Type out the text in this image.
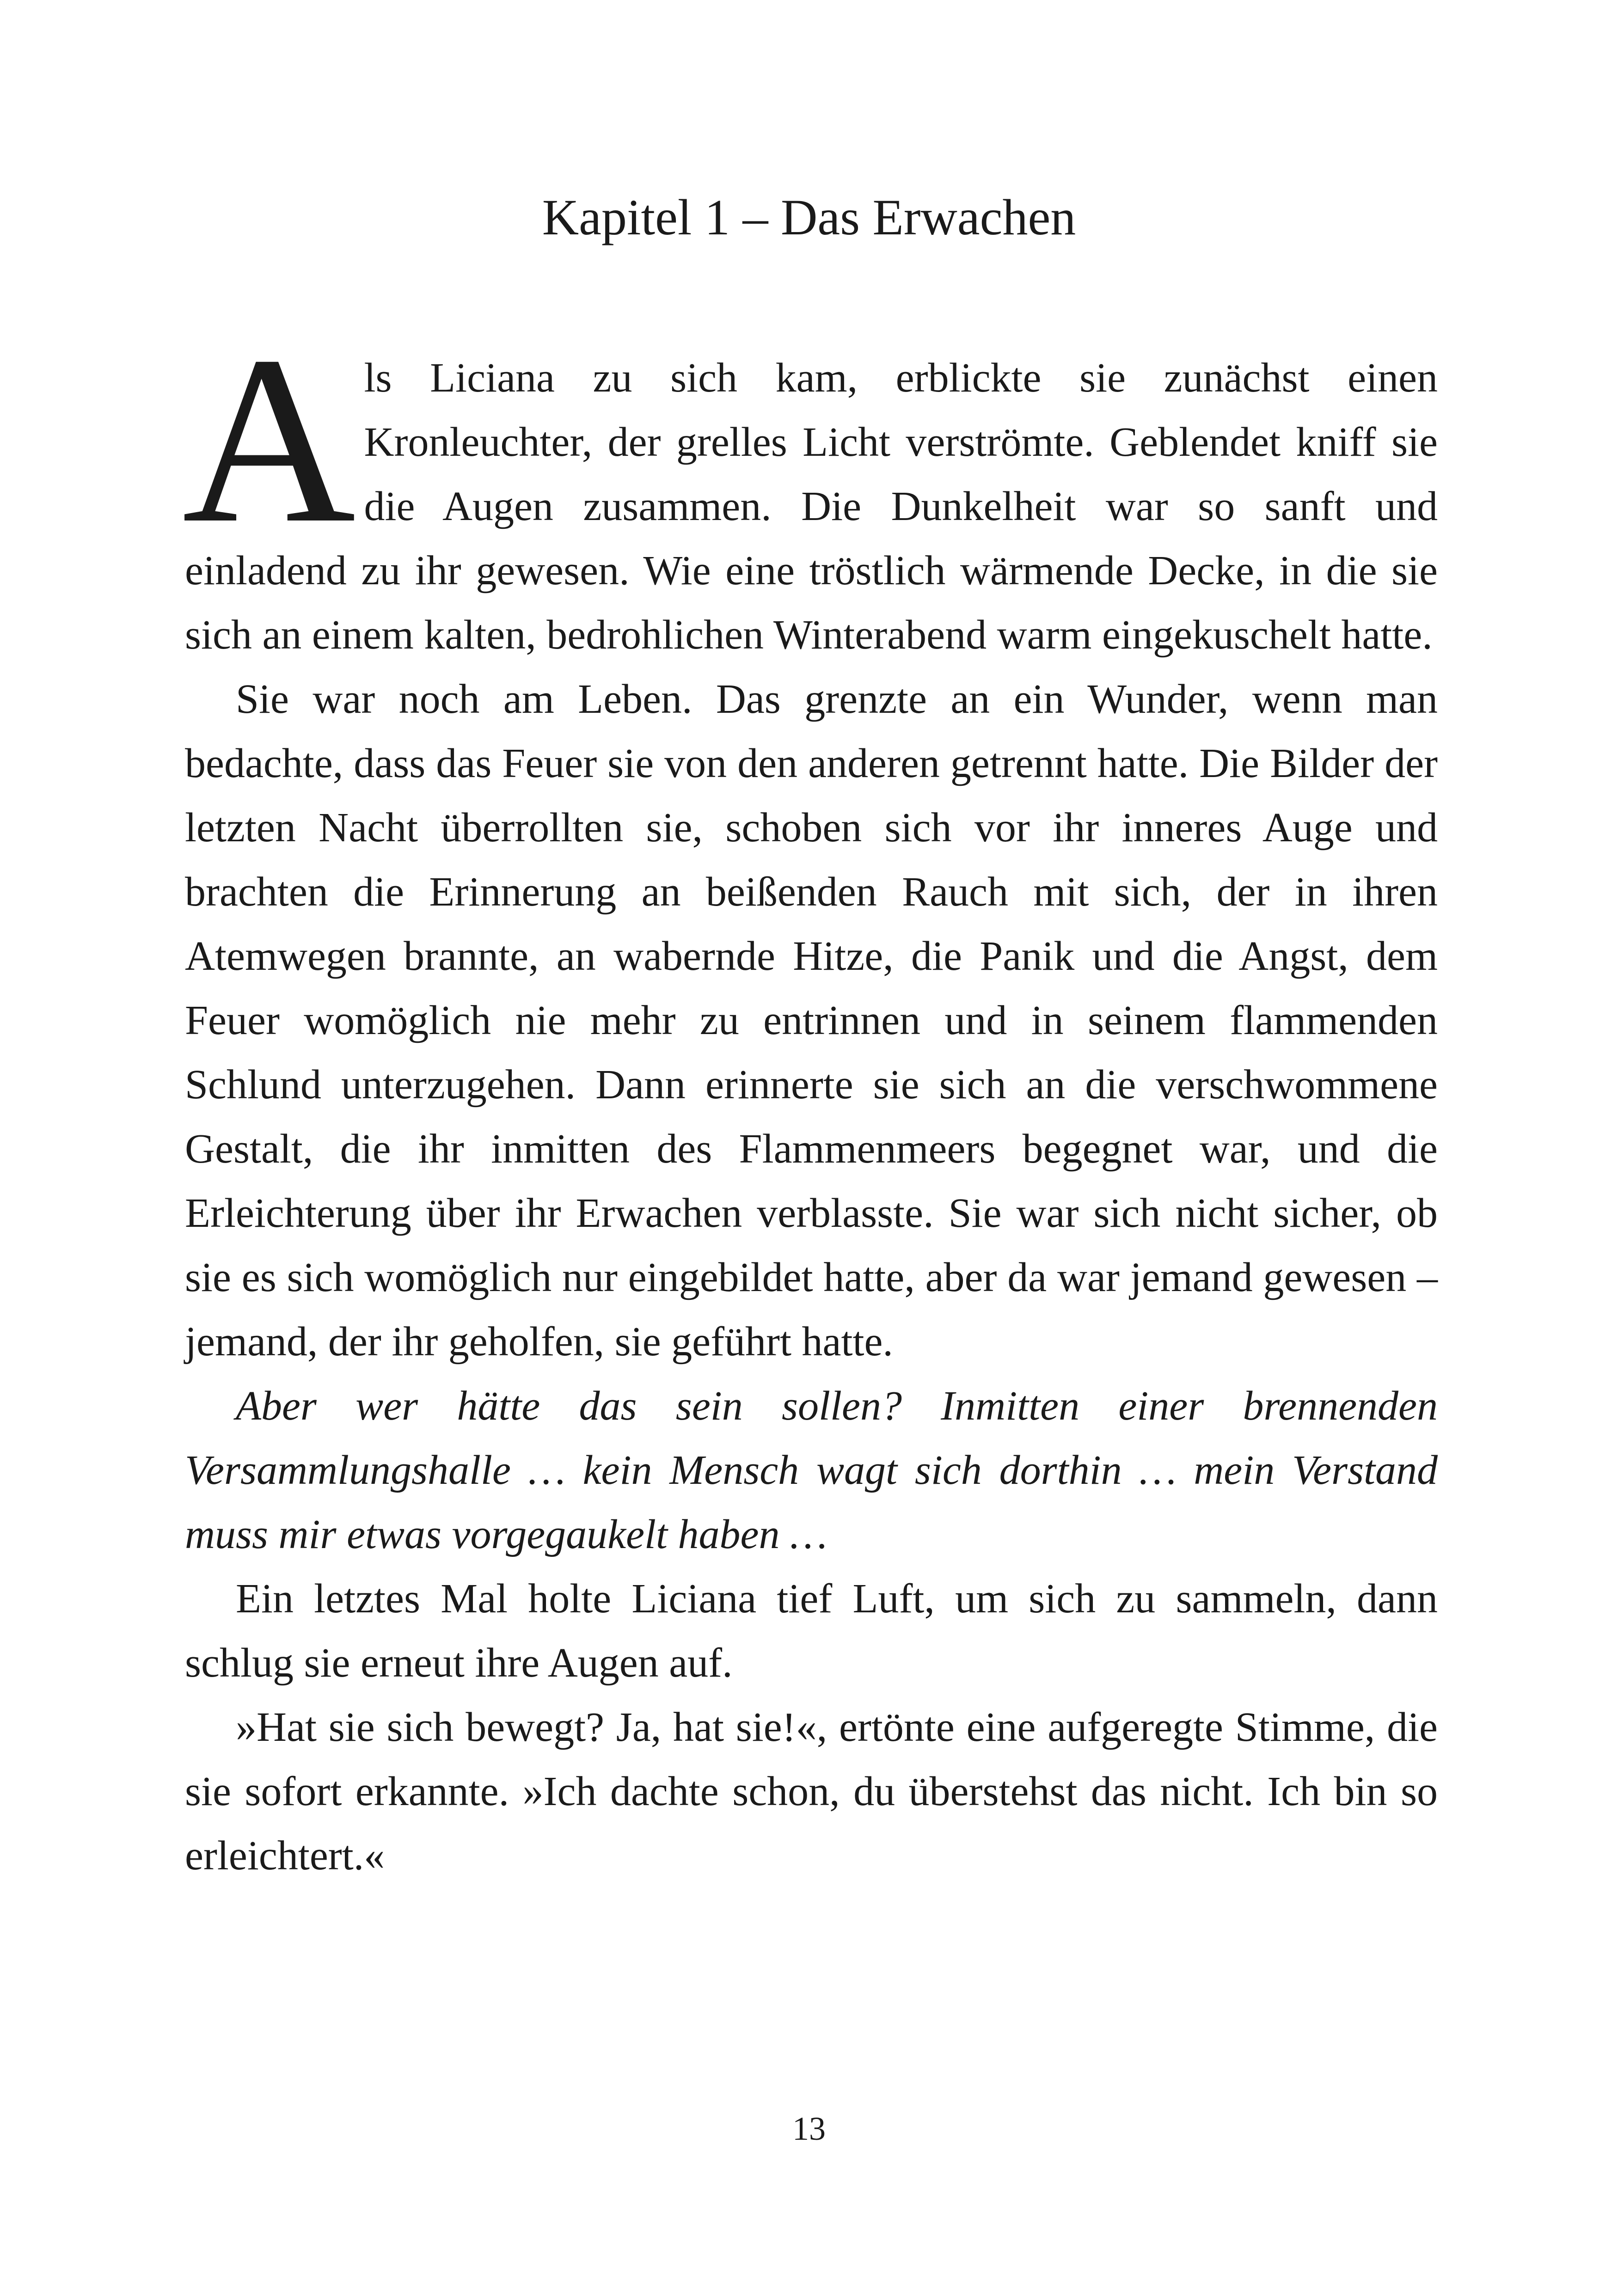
Kapitel 1 – Das Erwachen

Als Liciana zu sich kam, erblickte sie zunächst einen Kronleuchter, der grelles Licht verströmte. Geblendet kniff sie die Augen zusammen. Die Dunkelheit war so sanft und einladend zu ihr gewesen. Wie eine tröstlich wärmende Decke, in die sie sich an einem kalten, bedrohlichen Winterabend warm eingekuschelt hatte.

Sie war noch am Leben. Das grenzte an ein Wunder, wenn man bedachte, dass das Feuer sie von den anderen getrennt hatte. Die Bilder der letzten Nacht überrollten sie, schoben sich vor ihr inneres Auge und brachten die Erinnerung an beißenden Rauch mit sich, der in ihren Atemwegen brannte, an wabernde Hitze, die Panik und die Angst, dem Feuer womöglich nie mehr zu entrinnen und in seinem flammenden Schlund unterzugehen. Dann erinnerte sie sich an die verschwommene Gestalt, die ihr inmitten des Flammenmeers begegnet war, und die Erleichterung über ihr Erwachen verblasste. Sie war sich nicht sicher, ob sie es sich womöglich nur eingebildet hatte, aber da war jemand gewesen – jemand, der ihr geholfen, sie geführt hatte.

Aber wer hätte das sein sollen? Inmitten einer brennenden Versammlungshalle … kein Mensch wagt sich dorthin … mein Verstand muss mir etwas vorgegaukelt haben …

Ein letztes Mal holte Liciana tief Luft, um sich zu sammeln, dann schlug sie erneut ihre Augen auf.

»Hat sie sich bewegt? Ja, hat sie!«, ertönte eine aufgeregte Stimme, die sie sofort erkannte. »Ich dachte schon, du überstehst das nicht. Ich bin so erleichtert.«

13
